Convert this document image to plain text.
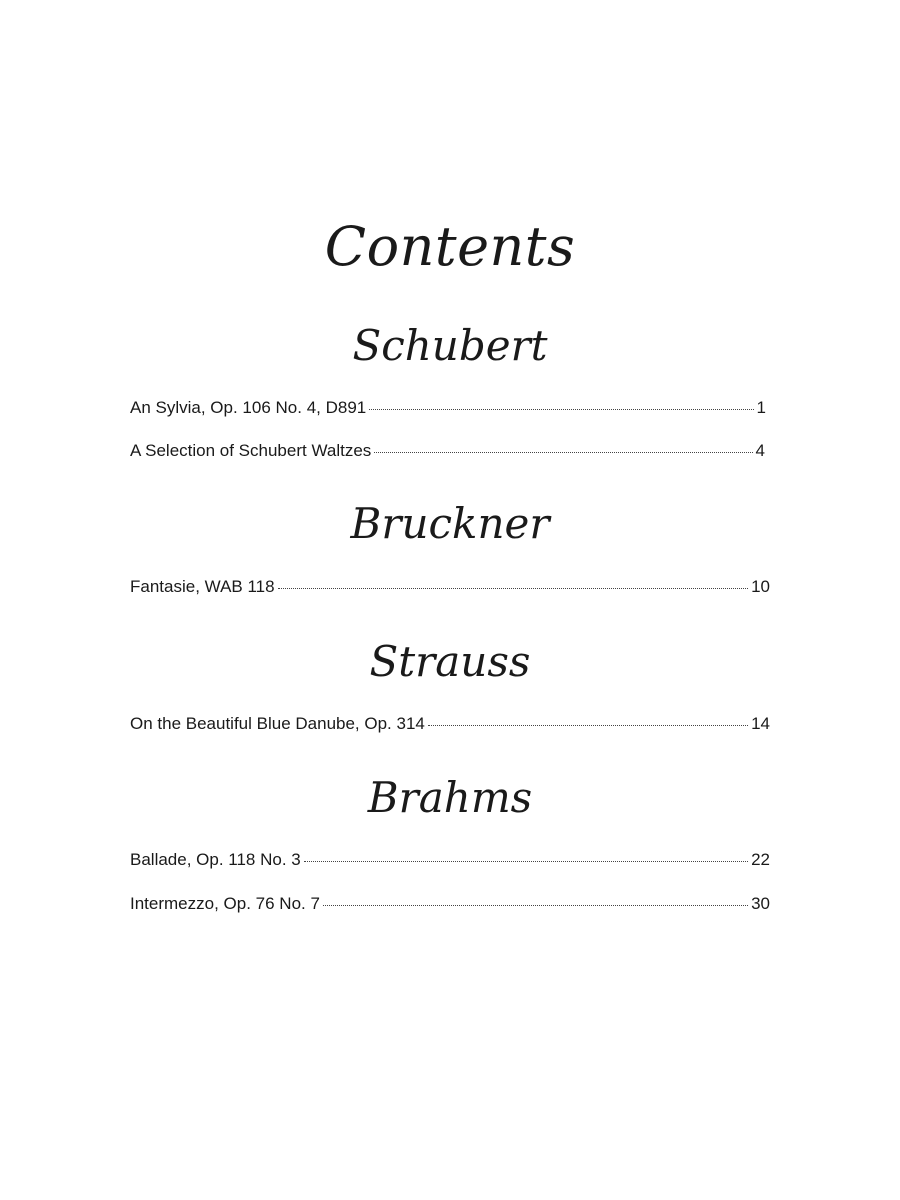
Contents
Schubert
An Sylvia, Op. 106 No. 4, D891	1
A Selection of Schubert Waltzes	4
Bruckner
Fantasie, WAB 118	10
Strauss
On the Beautiful Blue Danube, Op. 314	14
Brahms
Ballade, Op. 118 No. 3	22
Intermezzo, Op. 76 No. 7	30
